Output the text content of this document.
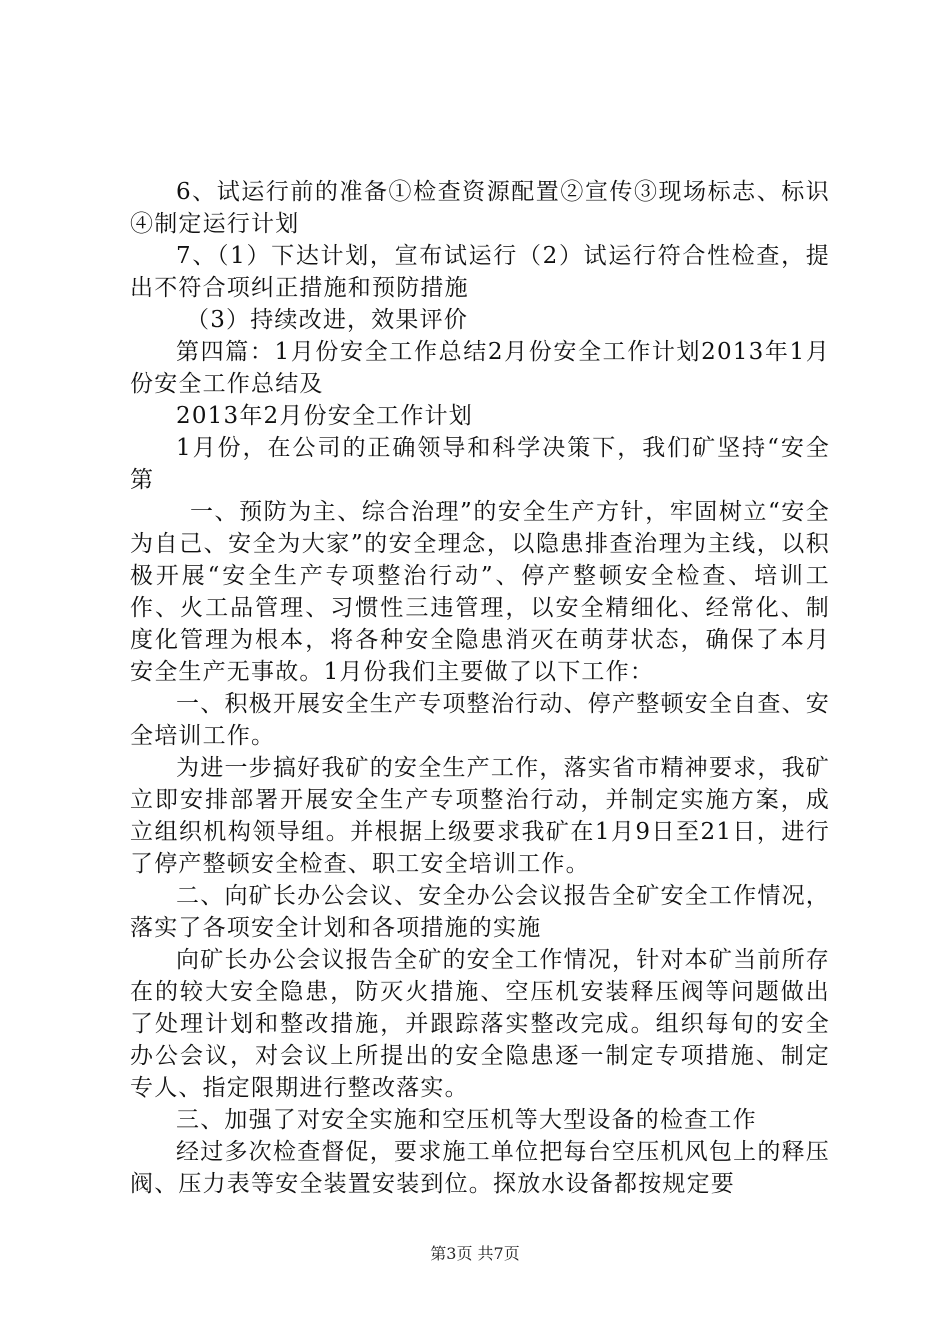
6、试运行前的准备①检查资源配置②宣传③现场标志、标识④制定运行计划

7、（1）下达计划，宣布试运行（2）试运行符合性检查，提出不符合项纠正措施和预防措施

（3）持续改进，效果评价

第四篇：1月份安全工作总结2月份安全工作计划2013年1月份安全工作总结及

2013年2月份安全工作计划

1月份，在公司的正确领导和科学决策下，我们矿坚持“安全第

一、预防为主、综合治理”的安全生产方针，牢固树立“安全为自己、安全为大家”的安全理念，以隐患排查治理为主线，以积极开展“安全生产专项整治行动”、停产整顿安全检查、培训工作、火工品管理、习惯性三违管理，以安全精细化、经常化、制度化管理为根本，将各种安全隐患消灭在萌芽状态，确保了本月安全生产无事故。1月份我们主要做了以下工作：

一、积极开展安全生产专项整治行动、停产整顿安全自查、安全培训工作。

为进一步搞好我矿的安全生产工作，落实省市精神要求，我矿立即安排部署开展安全生产专项整治行动，并制定实施方案，成立组织机构领导组。并根据上级要求我矿在1月9日至21日，进行了停产整顿安全检查、职工安全培训工作。

二、向矿长办公会议、安全办公会议报告全矿安全工作情况，落实了各项安全计划和各项措施的实施

向矿长办公会议报告全矿的安全工作情况，针对本矿当前所存在的较大安全隐患，防灭火措施、空压机安装释压阀等问题做出了处理计划和整改措施，并跟踪落实整改完成。组织每旬的安全办公会议，对会议上所提出的安全隐患逐一制定专项措施、制定专人、指定限期进行整改落实。

三、加强了对安全实施和空压机等大型设备的检查工作

经过多次检查督促，要求施工单位把每台空压机风包上的释压阀、压力表等安全装置安装到位。探放水设备都按规定要

第3页 共7页
